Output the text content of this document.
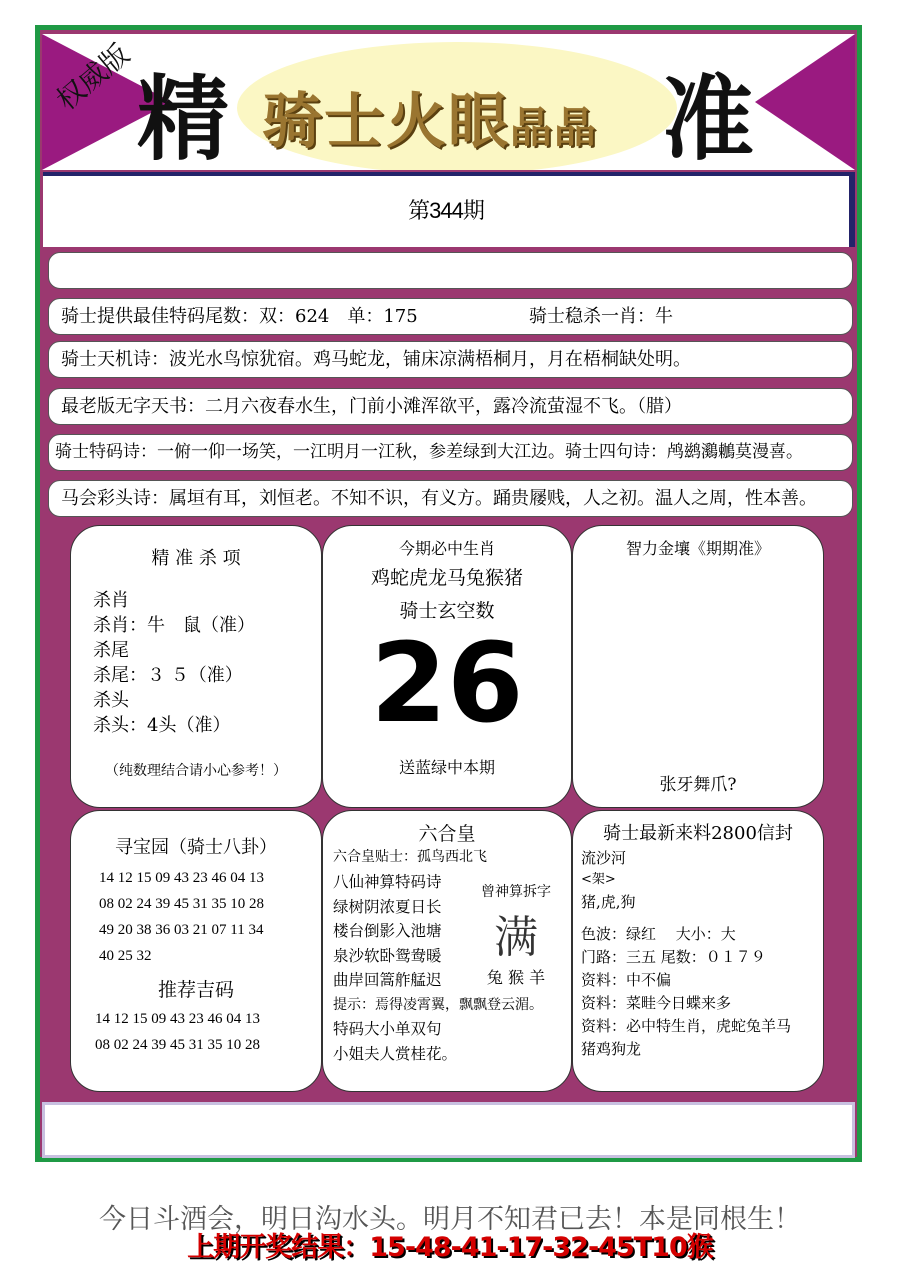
权威版 精 骑士火眼晶晶 准
第344期
骑士提供最佳特码尾数：双：624　单：175	骑士稳杀一肖：牛
骑士天机诗：波光水鸟惊犹宿。鸡马蛇龙，铺床凉满梧桐月，月在梧桐缺处明。
最老版无字天书：二月六夜春水生，门前小滩浑欲平，露冷流萤湿不飞。（腊）
骑士特码诗：一俯一仰一场笑，一江明月一江秋，参差绿到大江边。骑士四句诗：鸬鹚鸂鶒莫漫喜。
马会彩头诗：属垣有耳，刘恒老。不知不识，有义方。踊贵屦贱，人之初。温人之周，性本善。
精 准 杀 项
杀肖
杀肖：牛　鼠（准）
杀尾
杀尾：３ ５（准）
杀头
杀头：4头（准）
（纯数理结合请小心参考！）
今期必中生肖
鸡蛇虎龙马兔猴猪
骑士玄空数
26
送蓝绿中本期
智力金壤《期期准》
张牙舞爪?
寻宝园（骑士八卦）
14 12 15 09 43 23 46 04 13
08 02 24 39 45 31 35 10 28
49 20 38 36 03 21 07 11 34
40 25 32
推荐吉码
14 12 15 09 43 23 46 04 13
08 02 24 39 45 31 35 10 28
六合皇
六合皇贴士：孤鸟西北飞
八仙神算特码诗
绿树阴浓夏日长
楼台倒影入池塘
泉沙软卧鸳鸯暖
曲岸回篙舴艋迟
提示：焉得凌霄翼，飘飘登云湄。
特码大小单双句
小姐夫人赏桂花。
曾神算拆字
满
兔 猴 羊
骑士最新来料2800信封
流沙河
<架>
猪,虎,狗
色波：绿红　 大小：大
门路：三五 尾数：０１７９
资料：中不偏
资料：菜畦今日蝶来多
资料：必中特生肖，虎蛇兔羊马
猪鸡狗龙
今日斗酒会，明日沟水头。明月不知君已去！本是同根生！
上期开奖结果：15-48-41-17-32-45T10猴
